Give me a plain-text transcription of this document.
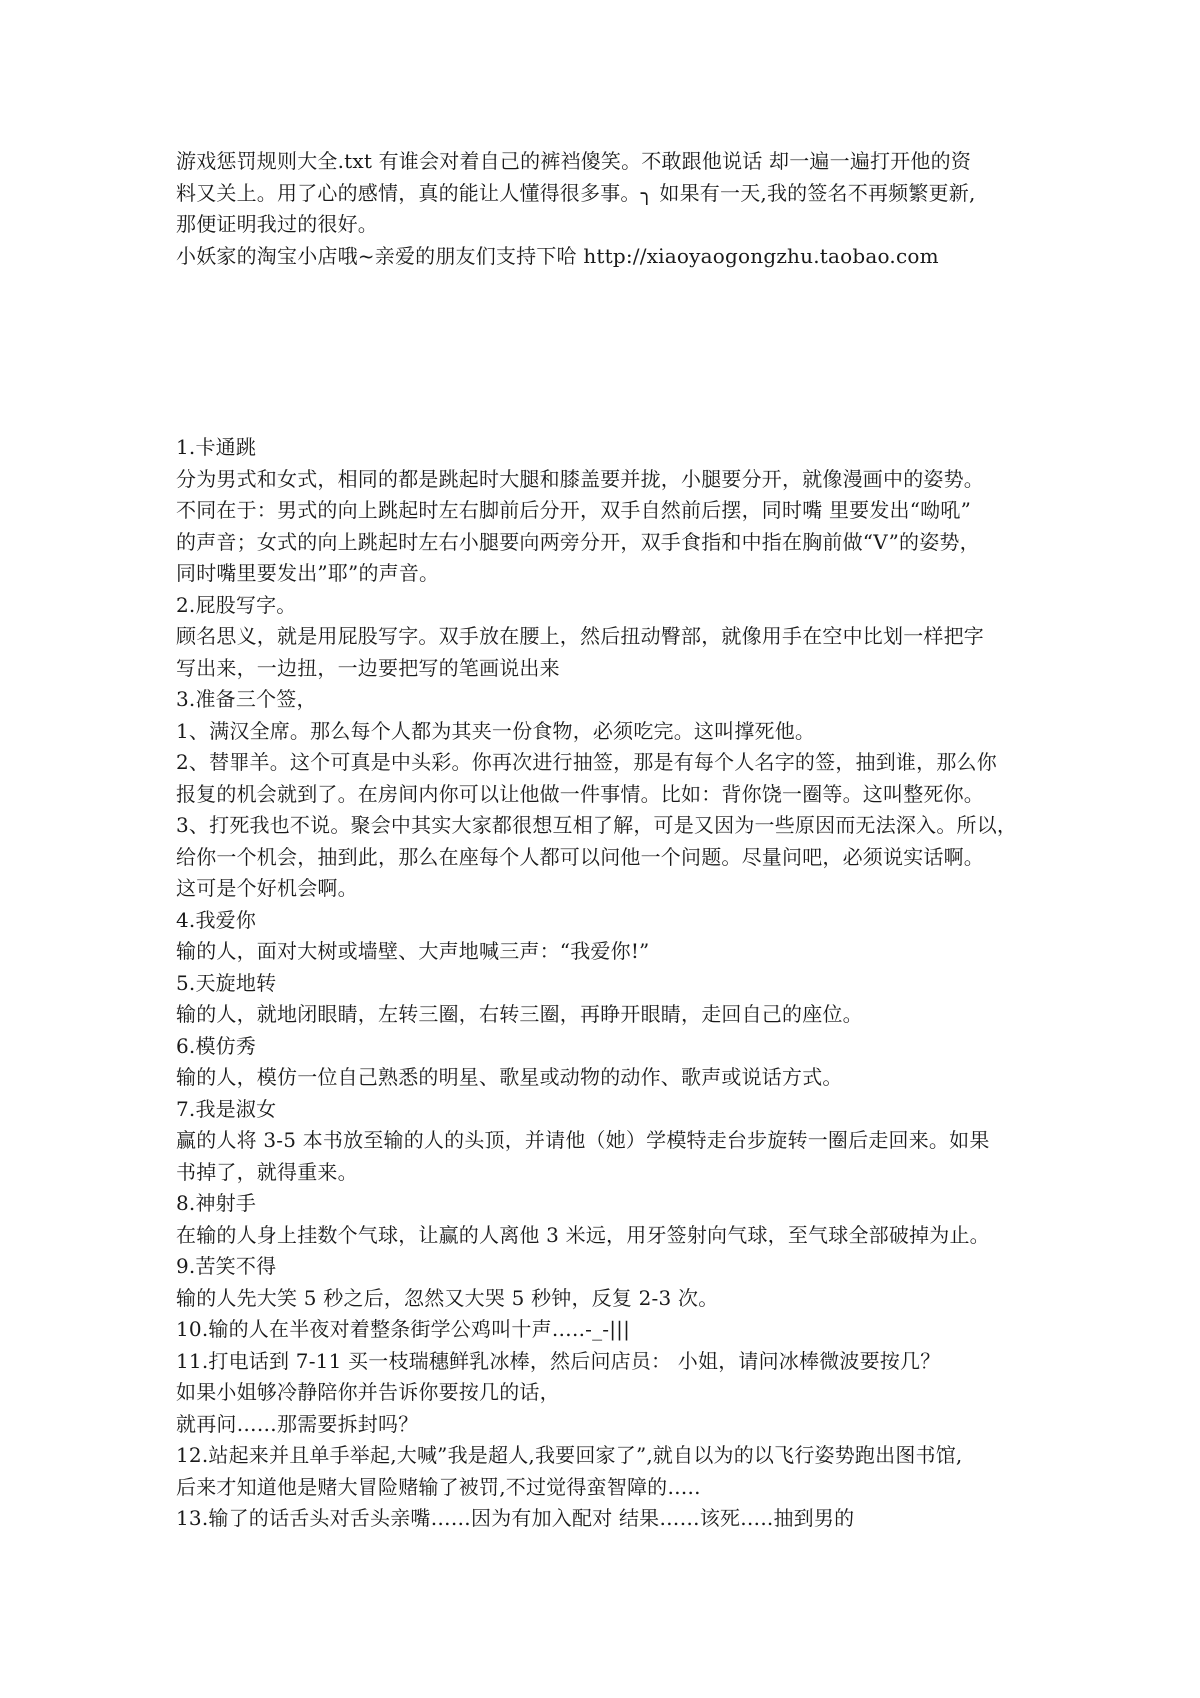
游戏惩罚规则大全.txt 有谁会对着自己的裤裆傻笑。不敢跟他说话 却一遍一遍打开他的资
料又关上。用了心的感情，真的能让人懂得很多事。╮ 如果有一天,我的签名不再频繁更新,
那便证明我过的很好。
小妖家的淘宝小店哦~亲爱的朋友们支持下哈 http://xiaoyaogongzhu.taobao.com
1.卡通跳
分为男式和女式，相同的都是跳起时大腿和膝盖要并拢，小腿要分开，就像漫画中的姿势。
不同在于：男式的向上跳起时左右脚前后分开，双手自然前后摆，同时嘴 里要发出“呦吼”
的声音；女式的向上跳起时左右小腿要向两旁分开，双手食指和中指在胸前做“V”的姿势，
同时嘴里要发出”耶”的声音。
2.屁股写字。
顾名思义，就是用屁股写字。双手放在腰上，然后扭动臀部，就像用手在空中比划一样把字
写出来，一边扭，一边要把写的笔画说出来
3.准备三个签，
1、满汉全席。那么每个人都为其夹一份食物，必须吃完。这叫撑死他。
2、替罪羊。这个可真是中头彩。你再次进行抽签，那是有每个人名字的签，抽到谁，那么你
报复的机会就到了。在房间内你可以让他做一件事情。比如：背你饶一圈等。这叫整死你。
3、打死我也不说。聚会中其实大家都很想互相了解，可是又因为一些原因而无法深入。所以，
给你一个机会，抽到此，那么在座每个人都可以问他一个问题。尽量问吧，必须说实话啊。
这可是个好机会啊。
4.我爱你
输的人，面对大树或墙壁、大声地喊三声：“我爱你!”
5.天旋地转
输的人，就地闭眼睛，左转三圈，右转三圈，再睁开眼睛，走回自己的座位。
6.模仿秀
输的人，模仿一位自己熟悉的明星、歌星或动物的动作、歌声或说话方式。
7.我是淑女
赢的人将 3-5 本书放至输的人的头顶，并请他（她）学模特走台步旋转一圈后走回来。如果
书掉了，就得重来。
8.神射手
在输的人身上挂数个气球，让赢的人离他 3 米远，用牙签射向气球，至气球全部破掉为止。
9.苦笑不得
输的人先大笑 5 秒之后，忽然又大哭 5 秒钟，反复 2-3 次。
10.输的人在半夜对着整条街学公鸡叫十声…..-_-|||
11.打电话到 7-11 买一枝瑞穗鲜乳冰棒，然后问店员： 小姐，请问冰棒微波要按几？
如果小姐够冷静陪你并告诉你要按几的话，
就再问……那需要拆封吗？
12.站起来并且单手举起,大喊”我是超人,我要回家了”,就自以为的以飞行姿势跑出图书馆,
后来才知道他是赌大冒险赌输了被罚,不过觉得蛮智障的…..
13.输了的话舌头对舌头亲嘴……因为有加入配对 结果……该死…..抽到男的
